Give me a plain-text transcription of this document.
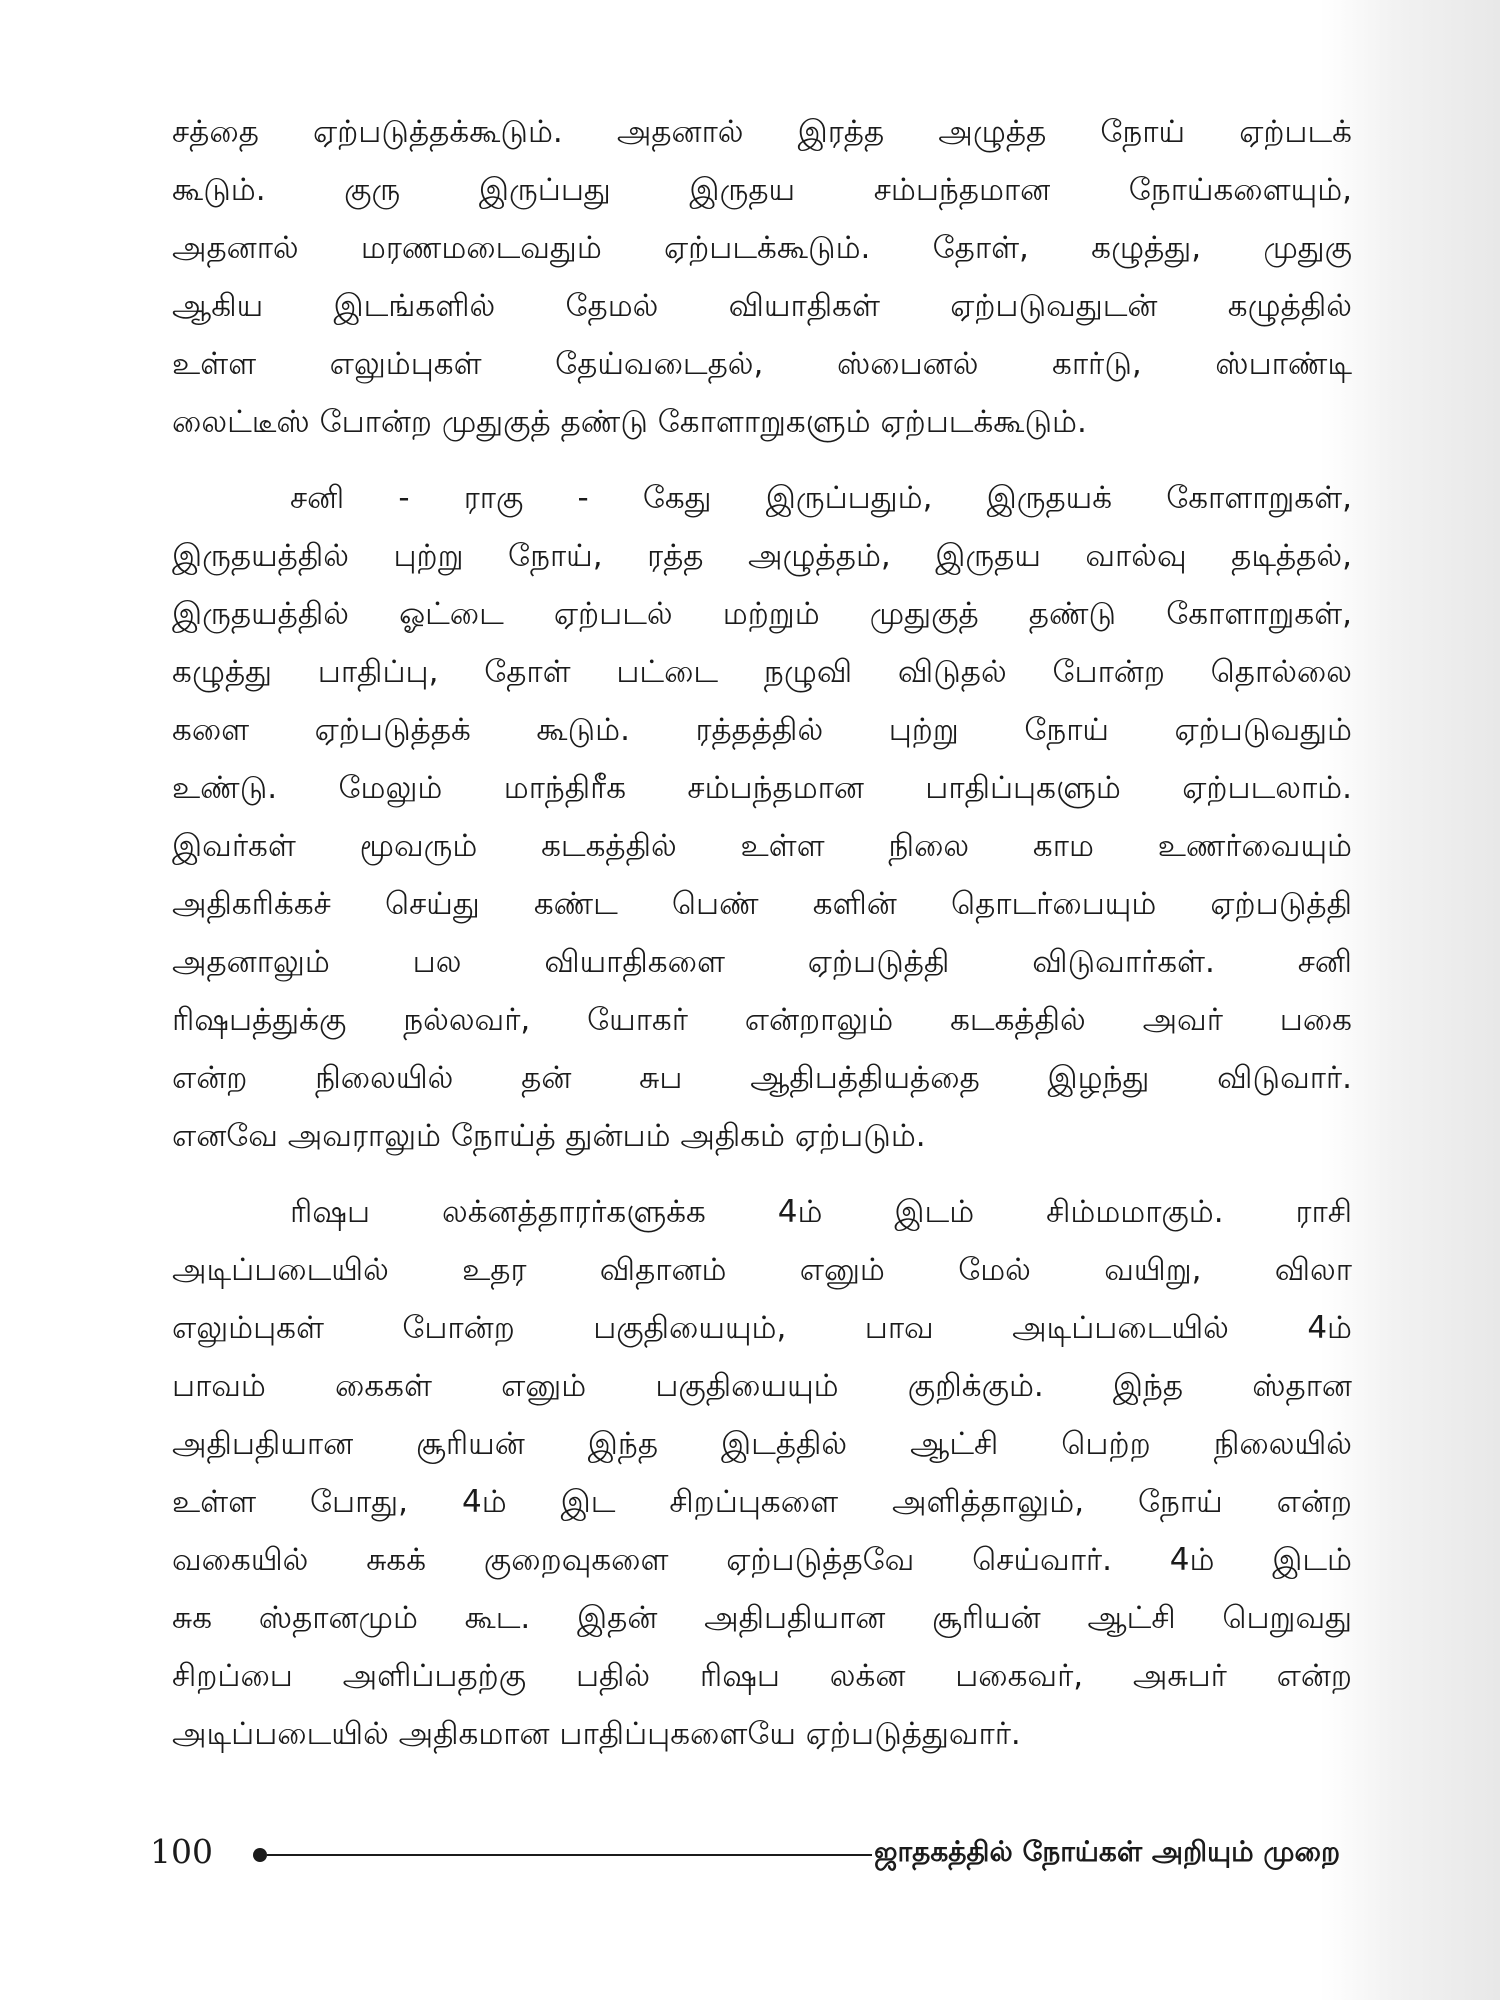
சத்தை ஏற்படுத்தக்கூடும். அதனால் இரத்த அழுத்த நோய் ஏற்படக்
கூடும். குரு இருப்பது இருதய சம்பந்தமான நோய்களையும்,
அதனால் மரணமடைவதும் ஏற்படக்கூடும். தோள், கழுத்து, முதுகு
ஆகிய இடங்களில் தேமல் வியாதிகள் ஏற்படுவதுடன் கழுத்தில்
உள்ள எலும்புகள் தேய்வடைதல், ஸ்பைனல் கார்டு, ஸ்பாண்டி
லைட்டீஸ் போன்ற முதுகுத் தண்டு கோளாறுகளும் ஏற்படக்கூடும்.
சனி - ராகு - கேது இருப்பதும், இருதயக் கோளாறுகள்,
இருதயத்தில் புற்று நோய், ரத்த அழுத்தம், இருதய வால்வு தடித்தல்,
இருதயத்தில் ஓட்டை ஏற்படல் மற்றும் முதுகுத் தண்டு கோளாறுகள்,
கழுத்து பாதிப்பு, தோள் பட்டை நழுவி விடுதல் போன்ற தொல்லை
களை ஏற்படுத்தக் கூடும். ரத்தத்தில் புற்று நோய் ஏற்படுவதும்
உண்டு. மேலும் மாந்திரீக சம்பந்தமான பாதிப்புகளும் ஏற்படலாம்.
இவர்கள் மூவரும் கடகத்தில் உள்ள நிலை காம உணர்வையும்
அதிகரிக்கச் செய்து கண்ட பெண் களின் தொடர்பையும் ஏற்படுத்தி
அதனாலும் பல வியாதிகளை ஏற்படுத்தி விடுவார்கள். சனி
ரிஷபத்துக்கு நல்லவர், யோகர் என்றாலும் கடகத்தில் அவர் பகை
என்ற நிலையில் தன் சுப ஆதிபத்தியத்தை இழந்து விடுவார்.
எனவே அவராலும் நோய்த் துன்பம் அதிகம் ஏற்படும்.
ரிஷப லக்னத்தாரர்களுக்க 4ம் இடம் சிம்மமாகும். ராசி
அடிப்படையில் உதர விதானம் எனும் மேல் வயிறு, விலா
எலும்புகள் போன்ற பகுதியையும், பாவ அடிப்படையில் 4ம்
பாவம் கைகள் எனும் பகுதியையும் குறிக்கும். இந்த ஸ்தான
அதிபதியான சூரியன் இந்த இடத்தில் ஆட்சி பெற்ற நிலையில்
உள்ள போது, 4ம் இட சிறப்புகளை அளித்தாலும், நோய் என்ற
வகையில் சுகக் குறைவுகளை ஏற்படுத்தவே செய்வார். 4ம் இடம்
சுக ஸ்தானமும் கூட. இதன் அதிபதியான சூரியன் ஆட்சி பெறுவது
சிறப்பை அளிப்பதற்கு பதில் ரிஷப லக்ன பகைவர், அசுபர் என்ற
அடிப்படையில் அதிகமான பாதிப்புகளையே ஏற்படுத்துவார்.
100	ஜாதகத்தில் நோய்கள் அறியும் முறை
